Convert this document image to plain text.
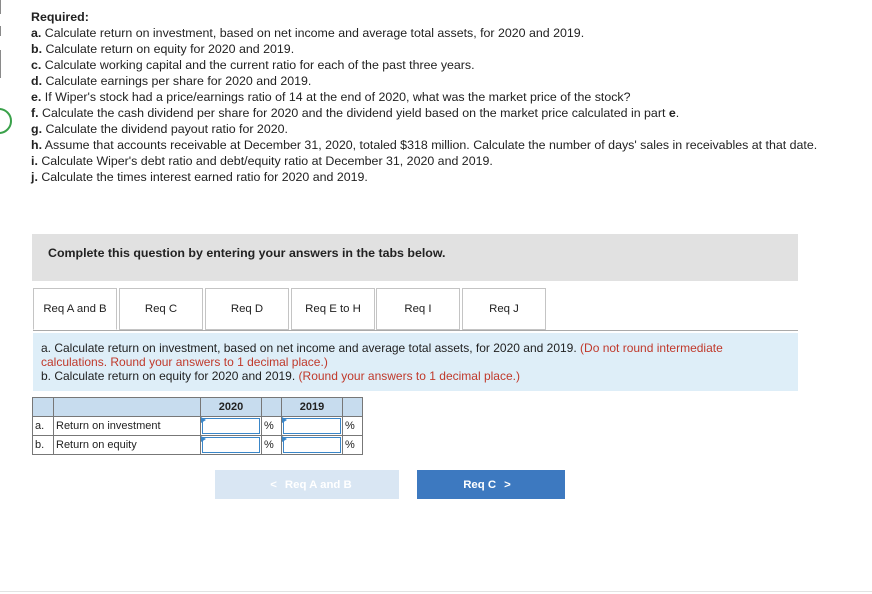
Required:
a. Calculate return on investment, based on net income and average total assets, for 2020 and 2019.
b. Calculate return on equity for 2020 and 2019.
c. Calculate working capital and the current ratio for each of the past three years.
d. Calculate earnings per share for 2020 and 2019.
e. If Wiper's stock had a price/earnings ratio of 14 at the end of 2020, what was the market price of the stock?
f. Calculate the cash dividend per share for 2020 and the dividend yield based on the market price calculated in part e.
g. Calculate the dividend payout ratio for 2020.
h. Assume that accounts receivable at December 31, 2020, totaled $318 million. Calculate the number of days' sales in receivables at that date.
i. Calculate Wiper's debt ratio and debt/equity ratio at December 31, 2020 and 2019.
j. Calculate the times interest earned ratio for 2020 and 2019.
Complete this question by entering your answers in the tabs below.
Req A and B	Req C	Req D	Req E to H	Req I	Req J
a. Calculate return on investment, based on net income and average total assets, for 2020 and 2019. (Do not round intermediate calculations. Round your answers to 1 decimal place.)
b. Calculate return on equity for 2020 and 2019. (Round your answers to 1 decimal place.)
		2020		2019	
a.	Return on investment		%		%
b.	Return on equity		%		%
< Req A and B	Req C >
